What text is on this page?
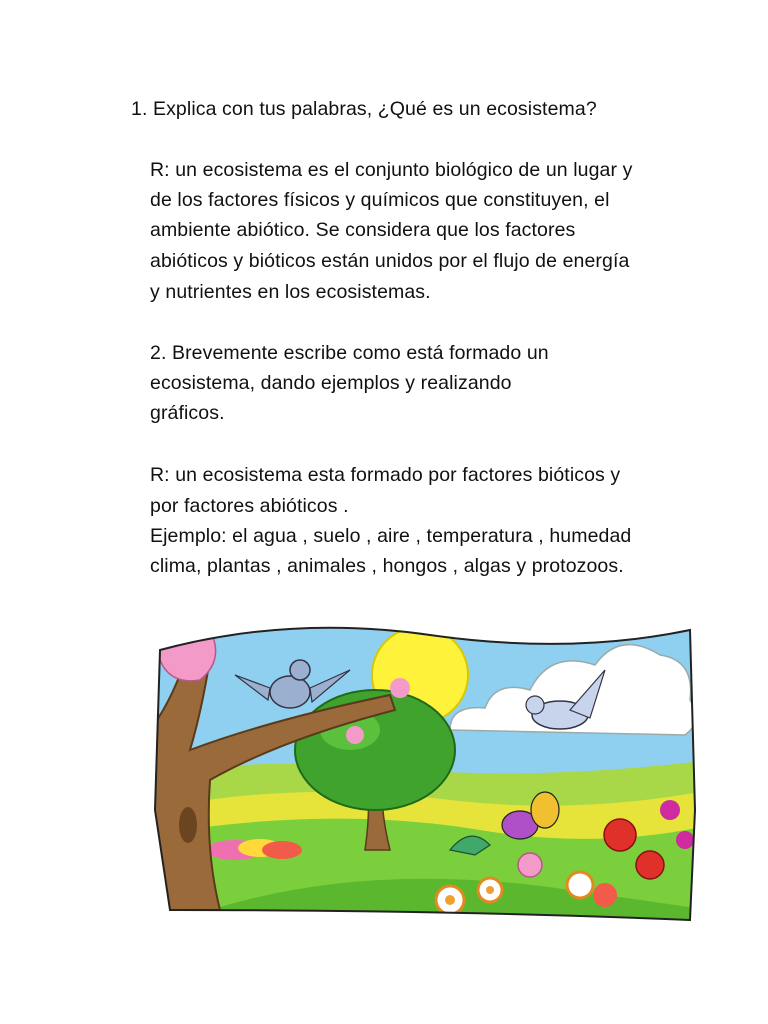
1. Explica con tus palabras, ¿Qué es un ecosistema?
R: un ecosistema es el conjunto biológico de un lugar y
de los factores físicos y químicos que constituyen, el
ambiente abiótico. Se considera que los factores
abióticos y bióticos están unidos por el flujo de energía
y nutrientes en los ecosistemas.
2. Brevemente escribe como está formado un
ecosistema, dando ejemplos y realizando
gráficos.
R: un ecosistema esta formado por factores bióticos y
por factores abióticos .
Ejemplo: el agua , suelo , aire , temperatura , humedad
clima, plantas , animales , hongos , algas y protozoos.
